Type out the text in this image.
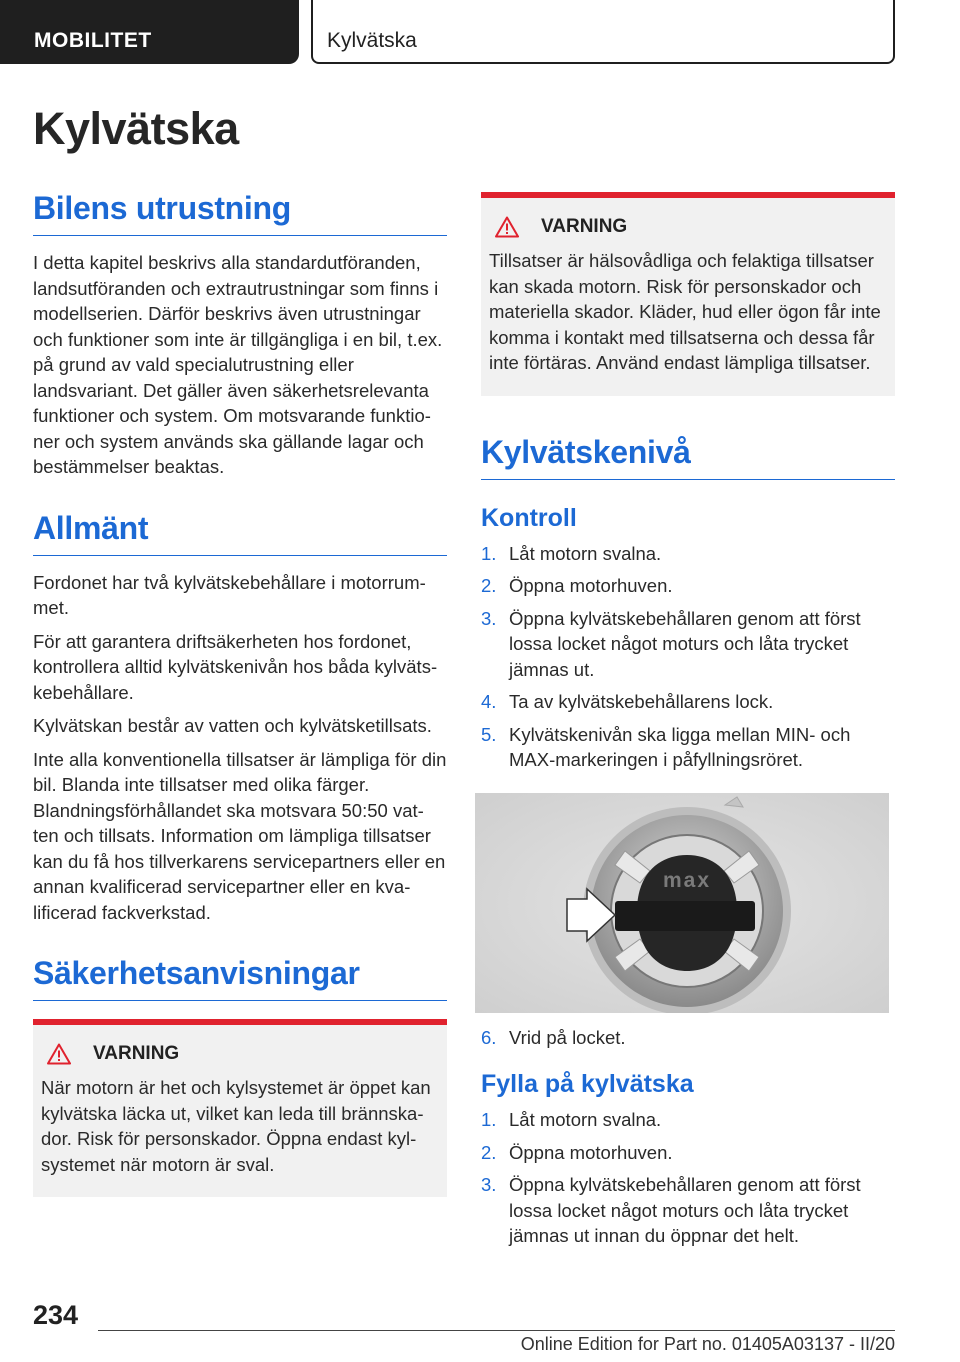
MOBILITET	Kylvätska
Kylvätska
Bilens utrustning

I detta kapitel beskrivs alla standardutföranden, landsutföranden och extrautrustningar som finns i modellserien. Därför beskrivs även utrustningar och funktioner som inte är tillgängliga i en bil, t.ex. på grund av vald specialutrustning eller landsvariant. Det gäller även säkerhetsrelevanta funktioner och system. Om motsvarande funktio-ner och system används ska gällande lagar och bestämmelser beaktas.

Allmänt

Fordonet har två kylvätskebehållare i motorrum-met.

För att garantera driftsäkerheten hos fordonet, kontrollera alltid kylvätskenivån hos båda kylväts-kebehållare.

Kylvätskan består av vatten och kylvätsketillsats.

Inte alla konventionella tillsatser är lämpliga för din bil. Blanda inte tillsatser med olika färger. Blandningsförhållandet ska motsvara 50:50 vat-ten och tillsats. Information om lämpliga tillsatser kan du få hos tillverkarens servicepartners eller en annan kvalificerad servicepartner eller en kva-lificerad fackverkstad.

Säkerhetsanvisningar
VARNING

När motorn är het och kylsystemet är öppet kan kylvätska läcka ut, vilket kan leda till brännska-dor. Risk för personskador. Öppna endast kyl-systemet när motorn är sval.

VARNING

Tillsatser är hälsovådliga och felaktiga tillsatser kan skada motorn. Risk för personskador och materiella skador. Kläder, hud eller ögon får inte komma i kontakt med tillsatserna och dessa får inte förtäras. Använd endast lämpliga tillsatser.

Kylvätskenivå
Kontroll
1. Låt motorn svalna.
2. Öppna motorhuven.
3. Öppna kylvätskebehållaren genom att först lossa locket något moturs och låta trycket jämnas ut.
4. Ta av kylvätskebehållarens lock.
5. Kylvätskenivån ska ligga mellan MIN- och MAX-markeringen i påfyllningsröret.
max
6. Vrid på locket.
Fylla på kylvätska
1. Låt motorn svalna.
2. Öppna motorhuven.
3. Öppna kylvätskebehållaren genom att först lossa locket något moturs och låta trycket jämnas ut innan du öppnar det helt.
234
Online Edition for Part no. 01405A03137 - II/20
